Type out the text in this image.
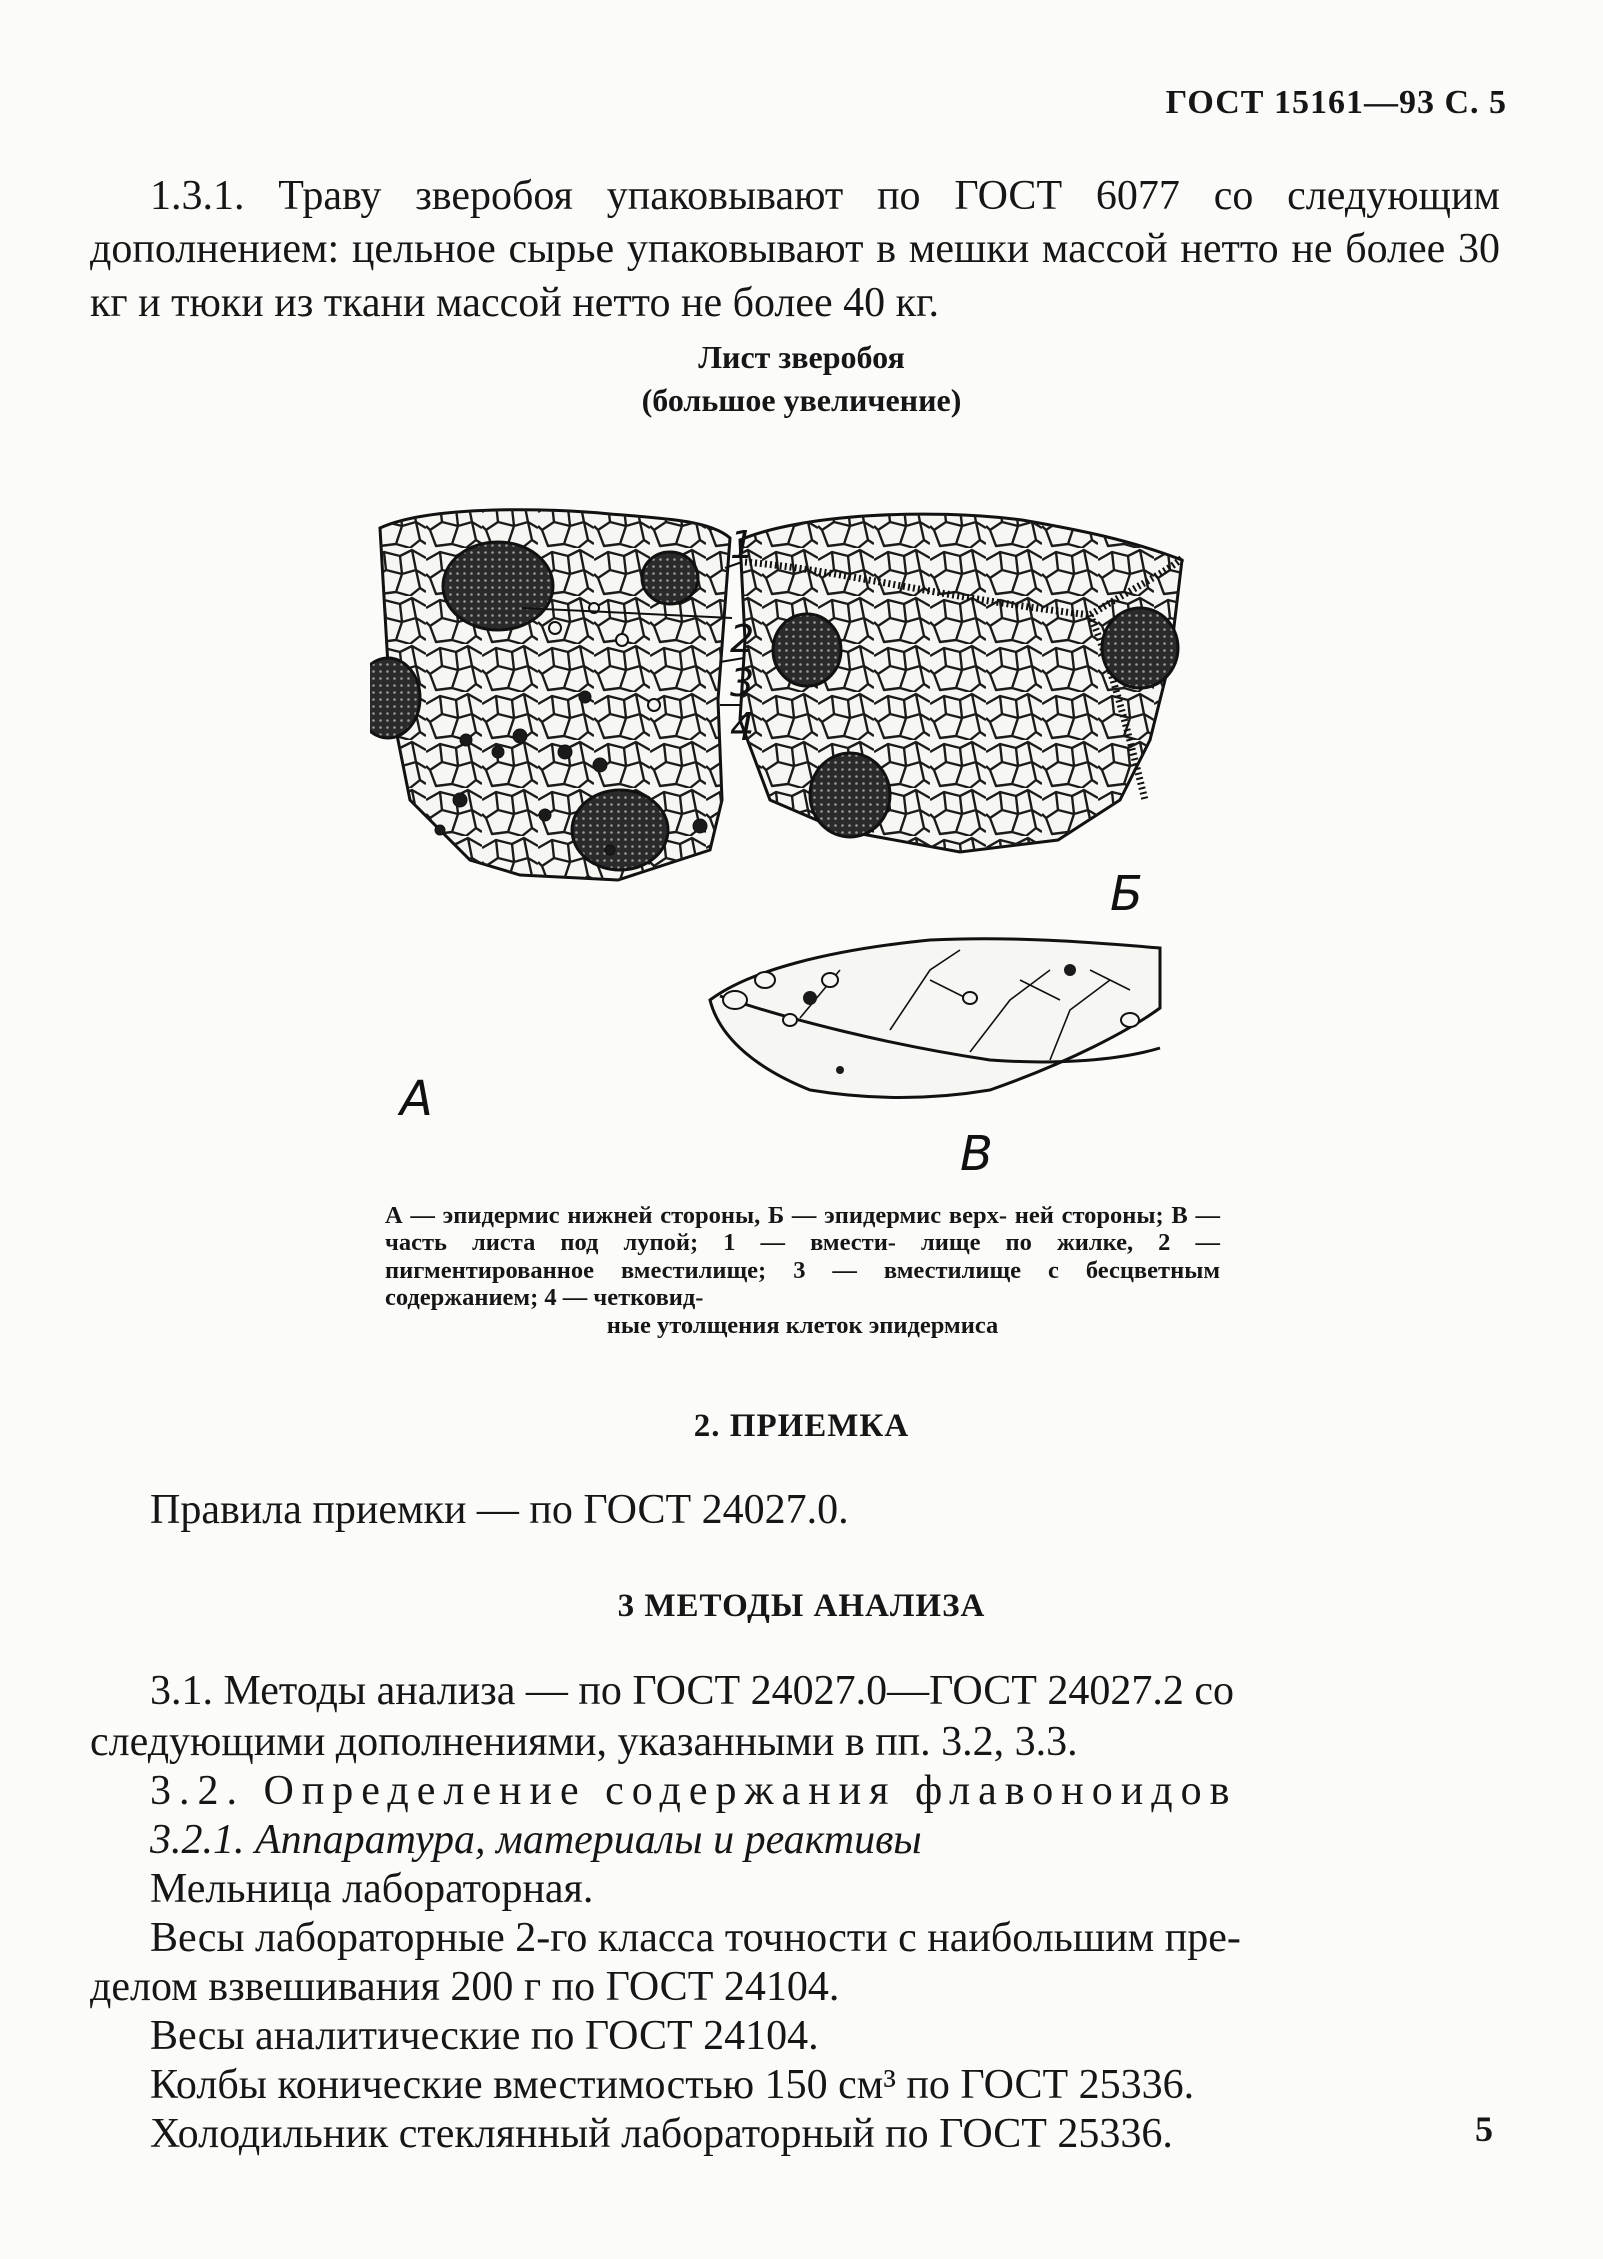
ГОСТ 15161—93 С. 5
1.3.1. Траву зверобоя упаковывают по ГОСТ 6077 со следующим дополнением: цельное сырье упаковывают в мешки массой нетто не более 30 кг и тюки из ткани массой нетто не более 40 кг.
Лист зверобоя
(большое увеличение)
1
2
3
4
А
Б
В
А — эпидермис нижней стороны, Б — эпидермис верх- ней стороны; В — часть листа под лупой; 1 — вмести- лище по жилке, 2 — пигментированное вместилище; 3 — вместилище с бесцветным содержанием; 4 — четковид-
ные утолщения клеток эпидермиса
2. ПРИЕМКА
Правила приемки — по ГОСТ 24027.0.
3 МЕТОДЫ АНАЛИЗА
3.1. Методы анализа — по ГОСТ 24027.0—ГОСТ 24027.2 со
следующими дополнениями, указанными в пп. 3.2, 3.3.
3.2. Определение содержания флавоноидов
3.2.1. Аппаратура, материалы и реактивы
Мельница лабораторная.
Весы лабораторные 2-го класса точности с наибольшим пре-
делом взвешивания 200 г по ГОСТ 24104.
Весы аналитические по ГОСТ 24104.
Колбы конические вместимостью 150 см³ по ГОСТ 25336.
Холодильник стеклянный лабораторный по ГОСТ 25336.	5
